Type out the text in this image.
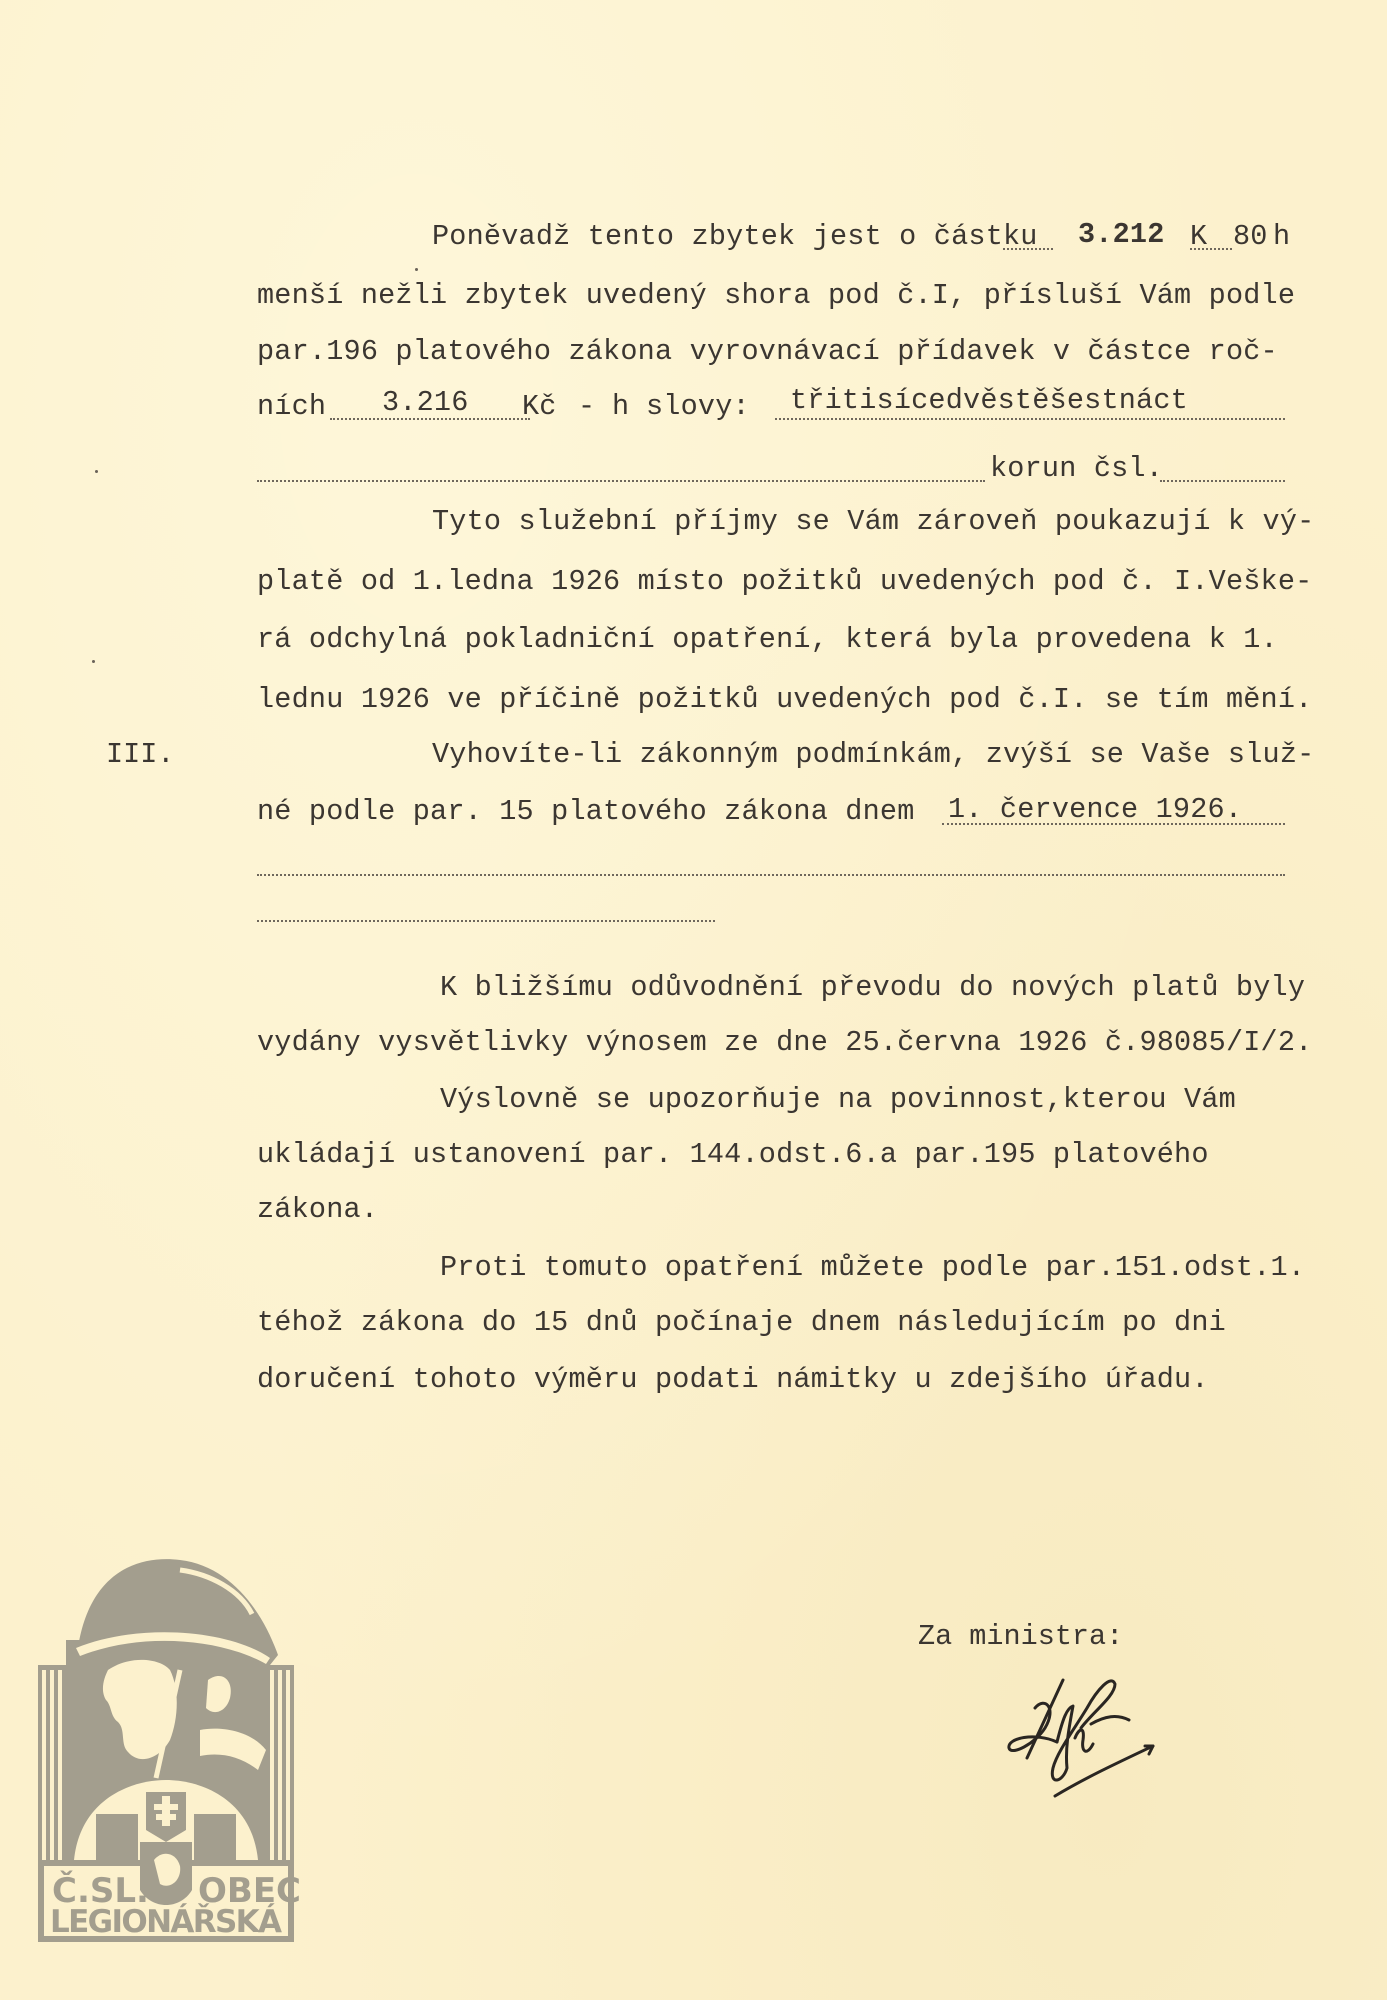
Poněvadž tento zbytek jest o částku 3.212 K 80 h
menší nežli zbytek uvedený shora pod č.I, přísluší Vám podle
par.196 platového zákona vyrovnávací přídavek v částce roč-
ních 3.216 Kč - h slovy: třitisícedvěstěšestnáct
korun čsl.
Tyto služební příjmy se Vám zároveň poukazují k vý-
platě od 1.ledna 1926 místo požitků uvedených pod č. I.Veške-
rá odchylná pokladniční opatření, která byla provedena k 1.
lednu 1926 ve příčině požitků uvedených pod č.I. se tím mění.
III.	Vyhovíte-li zákonným podmínkám, zvýší se Vaše služ-
né podle par. 15 platového zákona dnem 1. července 1926.
K bližšímu odůvodnění převodu do nových platů byly
vydány vysvětlivky výnosem ze dne 25.června 1926 č.98085/I/2.
Výslovně se upozorňuje na povinnost,kterou Vám
ukládají ustanovení par. 144.odst.6.a par.195 platového
zákona.
Proti tomuto opatření můžete podle par.151.odst.1.
téhož zákona do 15 dnů počínaje dnem následujícím po dni
doručení tohoto výměru podati námitky u zdejšího úřadu.
Za ministra:
Č.SL. OBEC
LEGIONÁŘSKÁ
